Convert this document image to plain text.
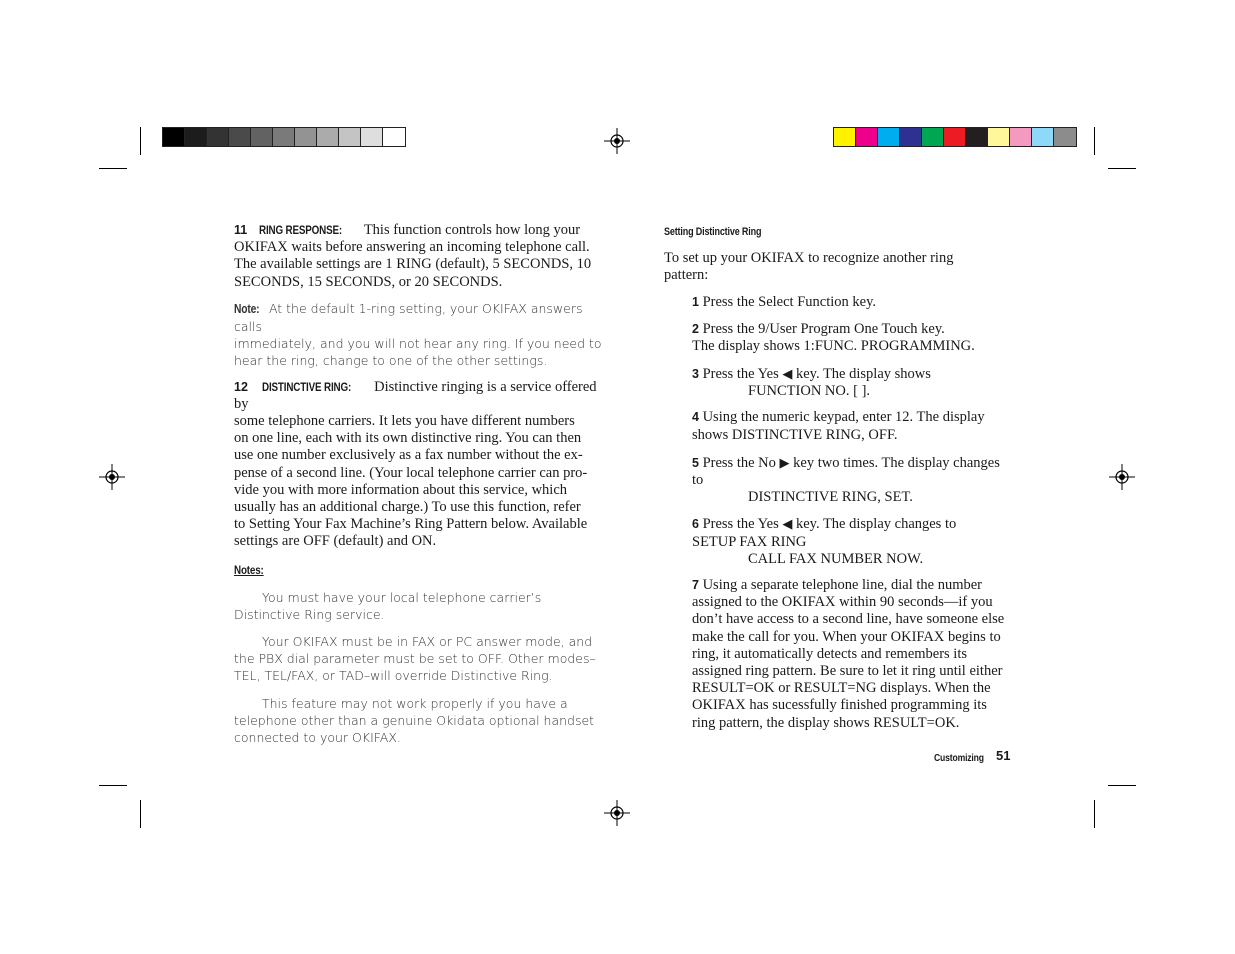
11 RING RESPONSE: This function controls how long your
OKIFAX waits before answering an incoming telephone call.
The available settings are 1 RING (default), 5 SECONDS, 10
SECONDS, 15 SECONDS, or 20 SECONDS.

Note: At the default 1-ring setting, your OKIFAX answers calls
immediately, and you will not hear any ring. If you need to
hear the ring, change to one of the other settings.

12 DISTINCTIVE RING: Distinctive ringing is a service offered by
some telephone carriers. It lets you have different numbers
on one line, each with its own distinctive ring. You can then
use one number exclusively as a fax number without the ex-
pense of a second line. (Your local telephone carrier can pro-
vide you with more information about this service, which
usually has an additional charge.) To use this function, refer
to Setting Your Fax Machine’s Ring Pattern below. Available
settings are OFF (default) and ON.

Notes:

You must have your local telephone carrier’s
Distinctive Ring service.

Your OKIFAX must be in FAX or PC answer mode, and
the PBX dial parameter must be set to OFF. Other modes–
TEL, TEL/FAX, or TAD–will override Distinctive Ring.

This feature may not work properly if you have a
telephone other than a genuine Okidata optional handset
connected to your OKIFAX.

Setting Distinctive Ring

To set up your OKIFAX to recognize another ring
pattern:

1 Press the Select Function key.

2 Press the 9/User Program One Touch key.
The display shows 1:FUNC. PROGRAMMING.

3 Press the Yes ◀ key. The display shows
FUNCTION NO. [ ].

4 Using the numeric keypad, enter 12. The display
shows DISTINCTIVE RING, OFF.

5 Press the No ▶ key two times. The display changes
to
DISTINCTIVE RING, SET.

6 Press the Yes ◀ key. The display changes to
SETUP FAX RING
CALL FAX NUMBER NOW.

7 Using a separate telephone line, dial the number
assigned to the OKIFAX within 90 seconds—if you
don’t have access to a second line, have someone else
make the call for you. When your OKIFAX begins to
ring, it automatically detects and remembers its
assigned ring pattern. Be sure to let it ring until either
RESULT=OK or RESULT=NG displays. When the
OKIFAX has sucessfully finished programming its
ring pattern, the display shows RESULT=OK.

Customizing 51
